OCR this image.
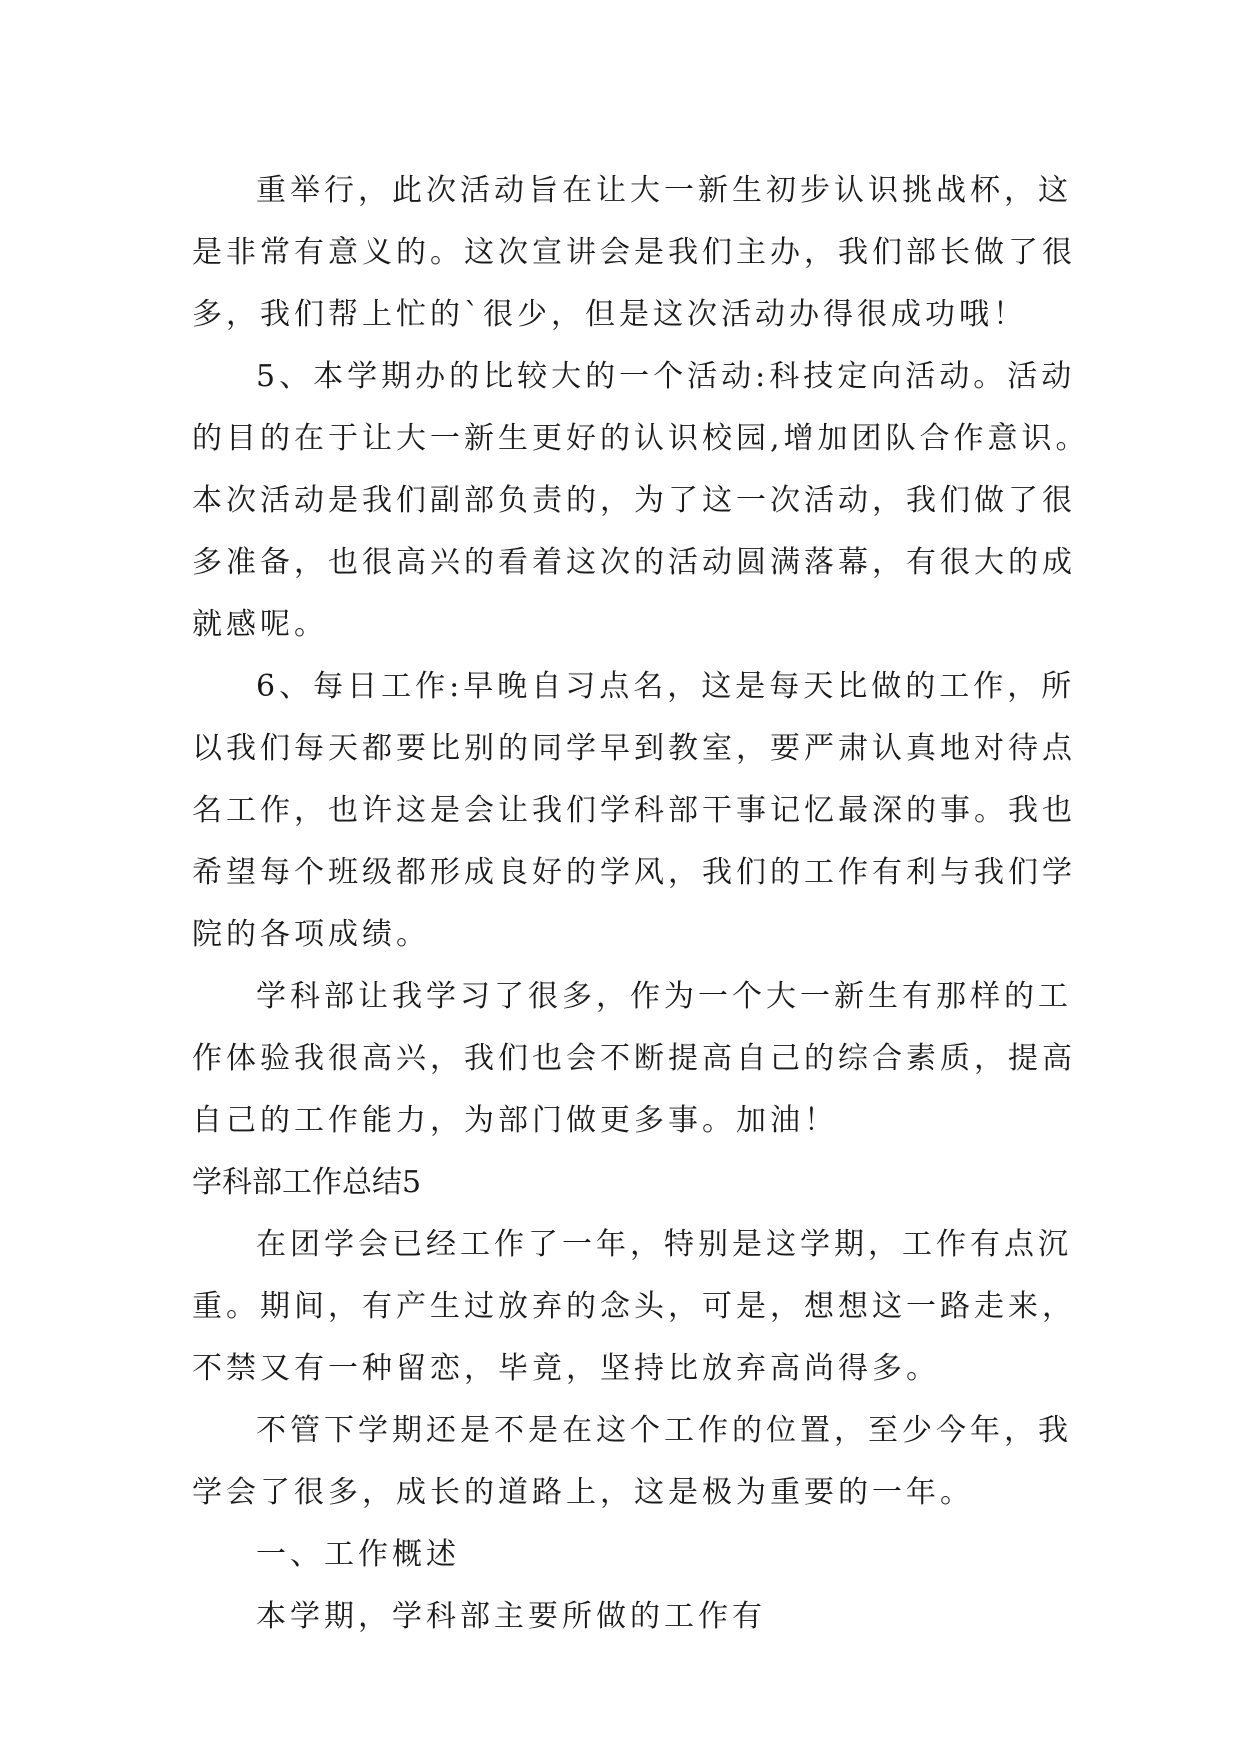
重举行，此次活动旨在让大一新生初步认识挑战杯，这
是非常有意义的。这次宣讲会是我们主办，我们部长做了很
多，我们帮上忙的`很少，但是这次活动办得很成功哦！
5、本学期办的比较大的一个活动:科技定向活动。活动
的目的在于让大一新生更好的认识校园,增加团队合作意识。
本次活动是我们副部负责的，为了这一次活动，我们做了很
多准备，也很高兴的看着这次的活动圆满落幕，有很大的成
就感呢。
6、每日工作:早晚自习点名，这是每天比做的工作，所
以我们每天都要比别的同学早到教室，要严肃认真地对待点
名工作，也许这是会让我们学科部干事记忆最深的事。我也
希望每个班级都形成良好的学风，我们的工作有利与我们学
院的各项成绩。
学科部让我学习了很多，作为一个大一新生有那样的工
作体验我很高兴，我们也会不断提高自己的综合素质，提高
自己的工作能力，为部门做更多事。加油！
学科部工作总结5
在团学会已经工作了一年，特别是这学期，工作有点沉
重。期间，有产生过放弃的念头，可是，想想这一路走来，
不禁又有一种留恋，毕竟，坚持比放弃高尚得多。
不管下学期还是不是在这个工作的位置，至少今年，我
学会了很多，成长的道路上，这是极为重要的一年。
一、工作概述
本学期，学科部主要所做的工作有
